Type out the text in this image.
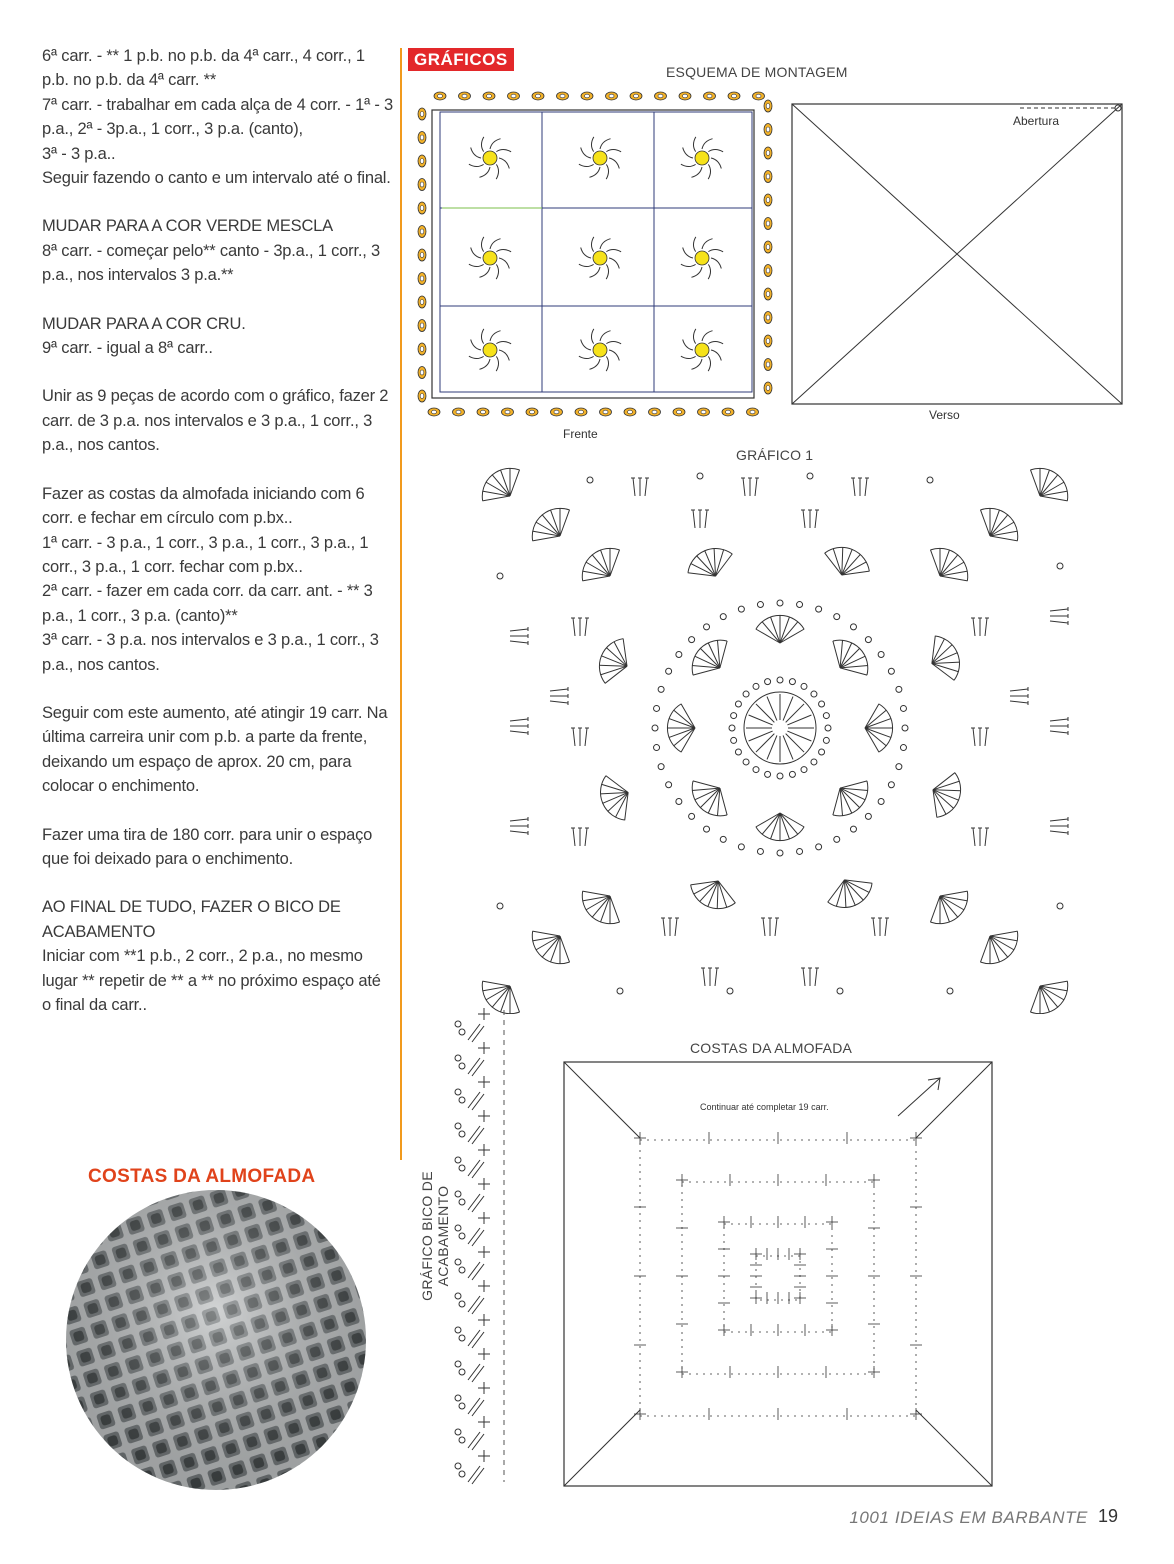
6ª carr. - ** 1 p.b. no p.b. da 4ª carr., 4 corr., 1 p.b. no p.b. da 4ª carr. **
7ª carr. - trabalhar em cada alça de 4 corr. - 1ª - 3 p.a., 2ª - 3p.a., 1 corr., 3 p.a. (canto),
3ª - 3 p.a..
Seguir fazendo o canto e um intervalo até o final.

MUDAR PARA A COR VERDE MESCLA
8ª carr. - começar pelo** canto - 3p.a., 1 corr., 3 p.a., nos intervalos 3 p.a.**

MUDAR PARA A COR CRU.
9ª carr. - igual a 8ª carr..

Unir as 9 peças de acordo com o gráfico, fazer 2 carr. de 3 p.a. nos intervalos e 3 p.a., 1 corr., 3 p.a., nos cantos.

Fazer as costas da almofada iniciando com 6 corr. e fechar em círculo com p.bx..
1ª carr. - 3 p.a., 1 corr., 3 p.a., 1 corr., 3 p.a., 1 corr., 3 p.a., 1 corr. fechar com p.bx..
2ª carr. - fazer em cada corr. da carr. ant. - ** 3 p.a., 1 corr., 3 p.a. (canto)**
3ª carr. - 3 p.a. nos intervalos e 3 p.a., 1 corr., 3 p.a., nos cantos.

Seguir com este aumento, até atingir 19 carr. Na última carreira unir com p.b. a parte da frente, deixando um espaço de aprox. 20 cm, para colocar o enchimento.

Fazer uma tira de 180 corr. para unir o espaço que foi deixado para o enchimento.

AO FINAL DE TUDO, FAZER O BICO DE ACABAMENTO
Iniciar com **1 p.b., 2 corr., 2 p.a., no mesmo lugar ** repetir de ** a ** no próximo espaço até o final da carr..

COSTAS DA ALMOFADA
GRÁFICOS
ESQUEMA DE MONTAGEM
Frente
Abertura
Verso
GRÁFICO 1
GRÁFICO BICO DE ACABAMENTO
COSTAS DA ALMOFADA
Continuar até completar 19 carr.
1001 IDEIAS EM BARBANTE 19
